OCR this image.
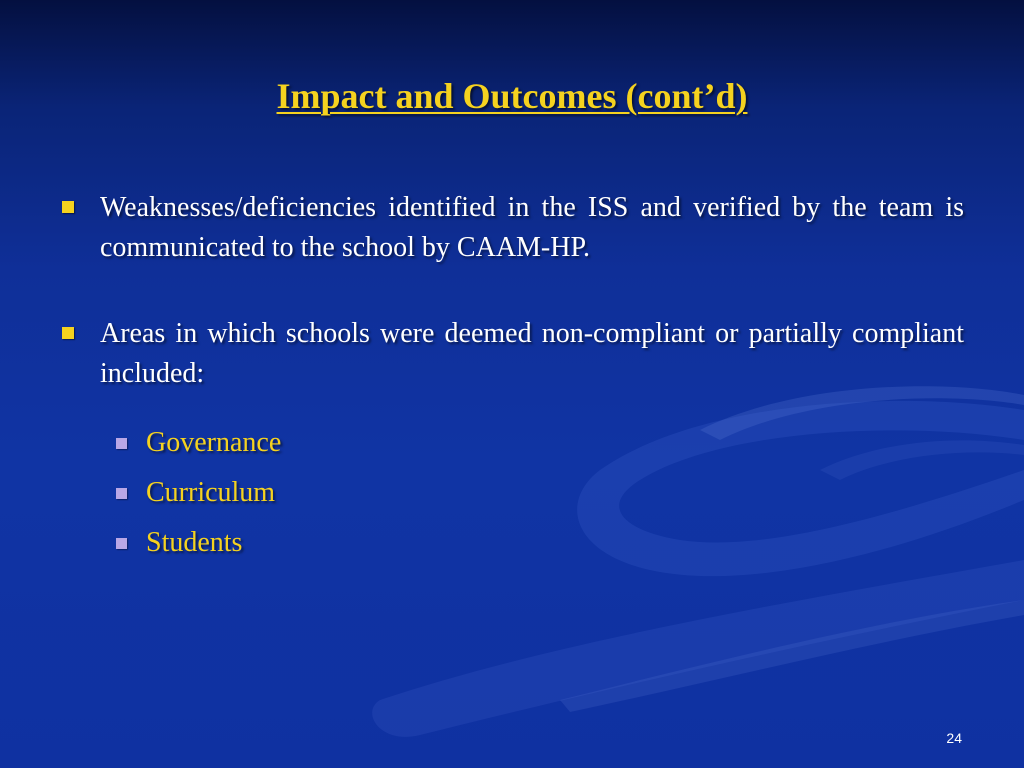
Impact and Outcomes (cont’d)
Weaknesses/deficiencies identified in the ISS and verified by the team is communicated to the school by CAAM-HP.
Areas in which schools were deemed non-compliant or partially compliant included:
Governance
Curriculum
Students
24
